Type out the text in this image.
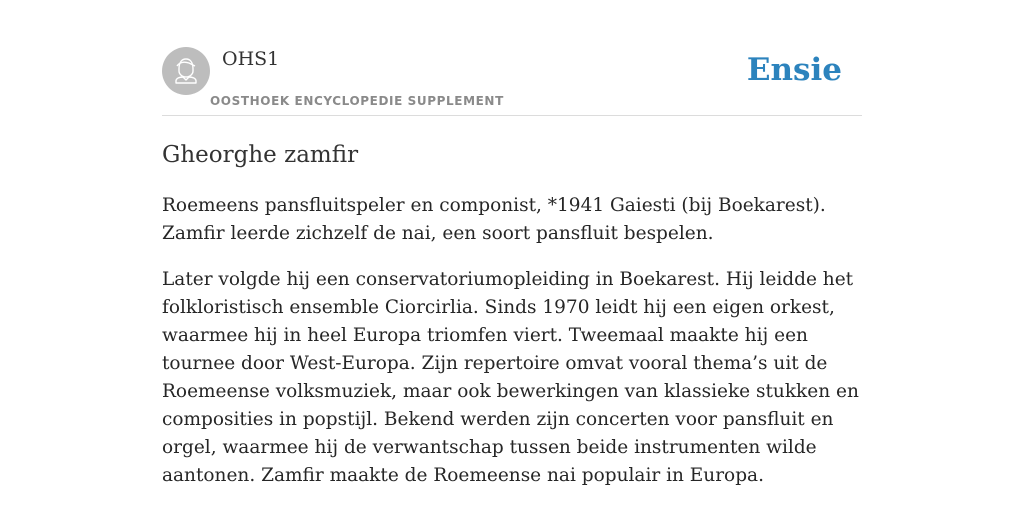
OHS1
OOSTHOEK ENCYCLOPEDIE SUPPLEMENT
Ensie
Gheorghe zamfir

Roemeens pansfluitspeler en componist, *1941 Gaiesti (bij Boekarest). Zamfir leerde zichzelf de nai, een soort pansfluit bespelen.

Later volgde hij een conservatoriumopleiding in Boekarest. Hij leidde het folkloristisch ensemble Ciorcirlia. Sinds 1970 leidt hij een eigen orkest, waarmee hij in heel Europa triomfen viert. Tweemaal maakte hij een tournee door West-Europa. Zijn repertoire omvat vooral thema’s uit de Roemeense volksmuziek, maar ook bewerkingen van klassieke stukken en composities in popstijl. Bekend werden zijn concerten voor pansfluit en orgel, waarmee hij de verwantschap tussen beide instrumenten wilde aantonen. Zamfir maakte de Roemeense nai populair in Europa.
